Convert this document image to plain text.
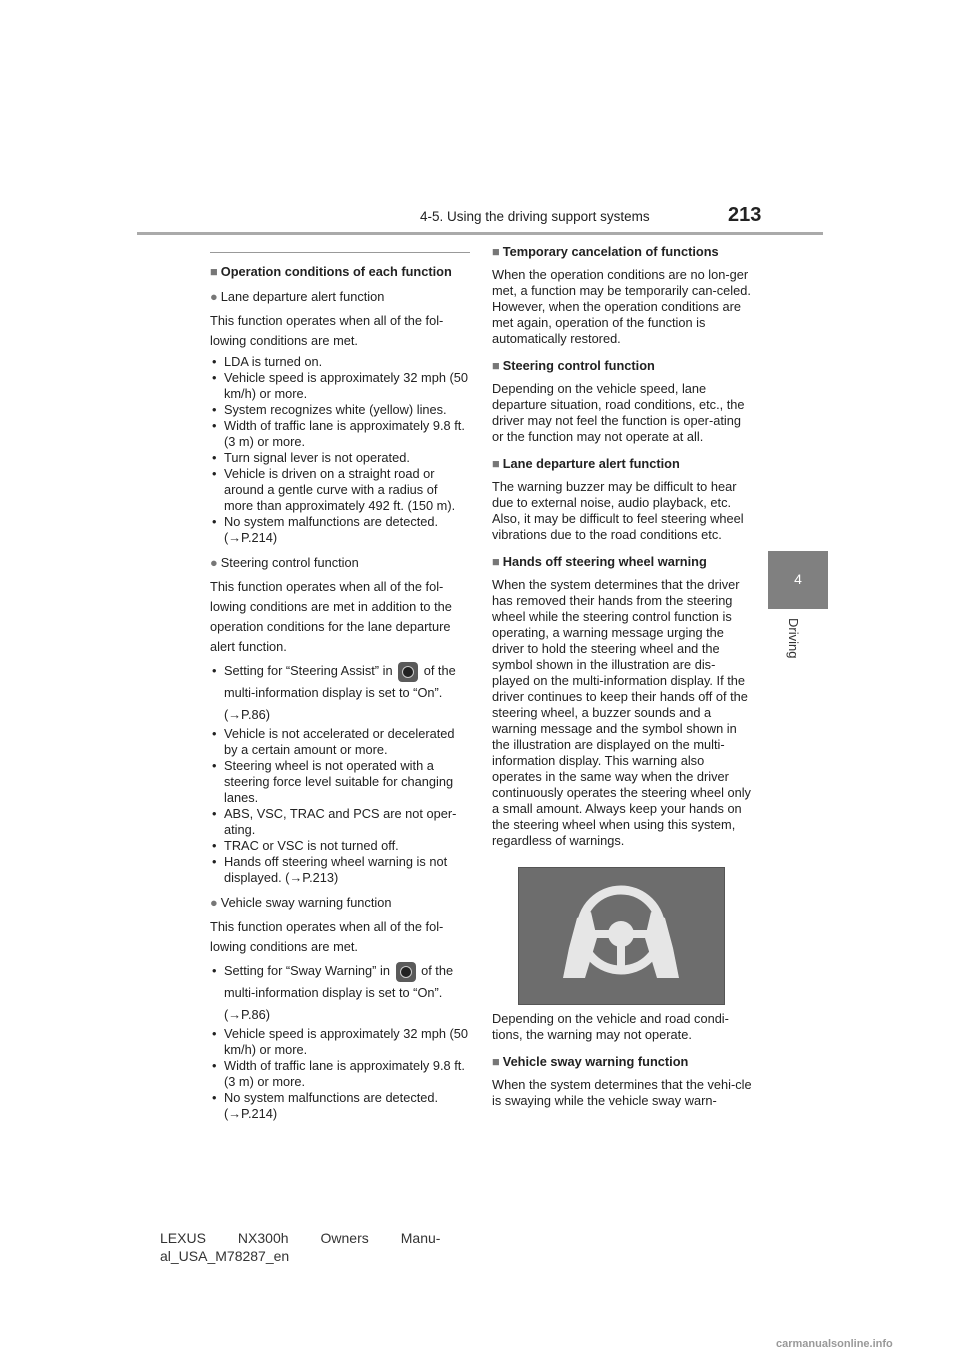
4-5. Using the driving support systems	213
4
Driving
■ Operation conditions of each function
● Lane departure alert function
This function operates when all of the fol-lowing conditions are met.
• LDA is turned on.
• Vehicle speed is approximately 32 mph (50 km/h) or more.
• System recognizes white (yellow) lines.
• Width of traffic lane is approximately 9.8 ft. (3 m) or more.
• Turn signal lever is not operated.
• Vehicle is driven on a straight road or around a gentle curve with a radius of more than approximately 492 ft. (150 m).
• No system malfunctions are detected. (→P.214)
● Steering control function
This function operates when all of the fol-lowing conditions are met in addition to the operation conditions for the lane departure alert function.
• Setting for “Steering Assist” in of the multi-information display is set to “On”. (→P.86)
• Vehicle is not accelerated or decelerated by a certain amount or more.
• Steering wheel is not operated with a steering force level suitable for changing lanes.
• ABS, VSC, TRAC and PCS are not oper-ating.
• TRAC or VSC is not turned off.
• Hands off steering wheel warning is not displayed. (→P.213)
● Vehicle sway warning function
This function operates when all of the fol-lowing conditions are met.
• Setting for “Sway Warning” in of the multi-information display is set to “On”. (→P.86)
• Vehicle speed is approximately 32 mph (50 km/h) or more.
• Width of traffic lane is approximately 9.8 ft. (3 m) or more.
• No system malfunctions are detected. (→P.214)
■ Temporary cancelation of functions
When the operation conditions are no lon-ger met, a function may be temporarily can-celed. However, when the operation conditions are met again, operation of the function is automatically restored.
■ Steering control function
Depending on the vehicle speed, lane departure situation, road conditions, etc., the driver may not feel the function is oper-ating or the function may not operate at all.
■ Lane departure alert function
The warning buzzer may be difficult to hear due to external noise, audio playback, etc. Also, it may be difficult to feel steering wheel vibrations due to the road conditions etc.
■ Hands off steering wheel warning
When the system determines that the driver has removed their hands from the steering wheel while the steering control function is operating, a warning message urging the driver to hold the steering wheel and the symbol shown in the illustration are dis-played on the multi-information display. If the driver continues to keep their hands off of the steering wheel, a buzzer sounds and a warning message and the symbol shown in the illustration are displayed on the multi-information display. This warning also operates in the same way when the driver continuously operates the steering wheel only a small amount. Always keep your hands on the steering wheel when using this system, regardless of warnings.
Depending on the vehicle and road condi-tions, the warning may not operate.
■ Vehicle sway warning function
When the system determines that the vehi-cle is swaying while the vehicle sway warn-
LEXUS NX300h Owners Manu-
al_USA_M78287_en
carmanualsonline.info
